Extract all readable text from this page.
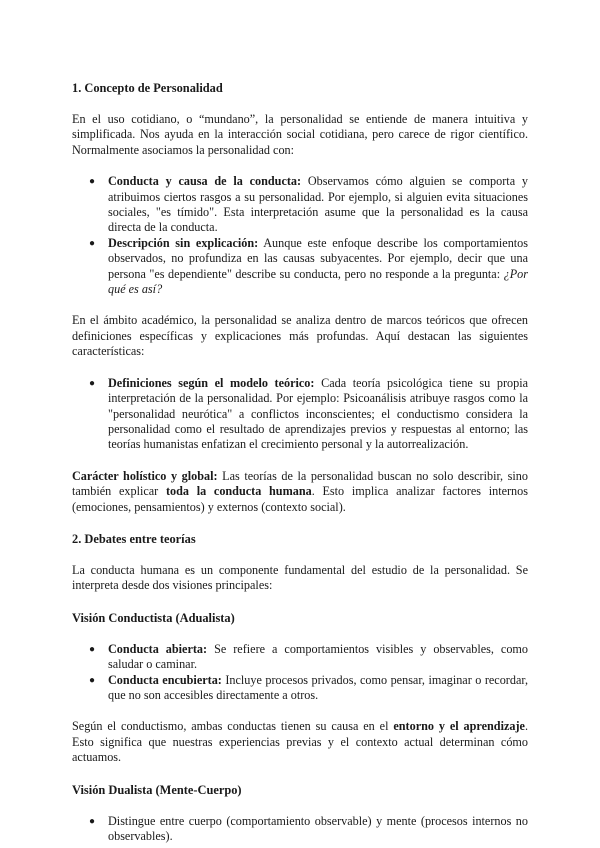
1. Concepto de Personalidad

En el uso cotidiano, o “mundano”, la personalidad se entiende de manera intuitiva y simplificada. Nos ayuda en la interacción social cotidiana, pero carece de rigor científico. Normalmente asociamos la personalidad con:

● Conducta y causa de la conducta: Observamos cómo alguien se comporta y atribuimos ciertos rasgos a su personalidad. Por ejemplo, si alguien evita situaciones sociales, "es tímido". Esta interpretación asume que la personalidad es la causa directa de la conducta.
● Descripción sin explicación: Aunque este enfoque describe los comportamientos observados, no profundiza en las causas subyacentes. Por ejemplo, decir que una persona "es dependiente" describe su conducta, pero no responde a la pregunta: ¿Por qué es así?

En el ámbito académico, la personalidad se analiza dentro de marcos teóricos que ofrecen definiciones específicas y explicaciones más profundas. Aquí destacan las siguientes características:

● Definiciones según el modelo teórico: Cada teoría psicológica tiene su propia interpretación de la personalidad. Por ejemplo: Psicoanálisis atribuye rasgos como la "personalidad neurótica" a conflictos inconscientes; el conductismo considera la personalidad como el resultado de aprendizajes previos y respuestas al entorno; las teorías humanistas enfatizan el crecimiento personal y la autorrealización.

Carácter holístico y global: Las teorías de la personalidad buscan no solo describir, sino también explicar toda la conducta humana. Esto implica analizar factores internos (emociones, pensamientos) y externos (contexto social).

2. Debates entre teorías

La conducta humana es un componente fundamental del estudio de la personalidad. Se interpreta desde dos visiones principales:

Visión Conductista (Adualista)
● Conducta abierta: Se refiere a comportamientos visibles y observables, como saludar o caminar.
● Conducta encubierta: Incluye procesos privados, como pensar, imaginar o recordar, que no son accesibles directamente a otros.

Según el conductismo, ambas conductas tienen su causa en el entorno y el aprendizaje. Esto significa que nuestras experiencias previas y el contexto actual determinan cómo actuamos.

Visión Dualista (Mente-Cuerpo)
● Distingue entre cuerpo (comportamiento observable) y mente (procesos internos no observables).
